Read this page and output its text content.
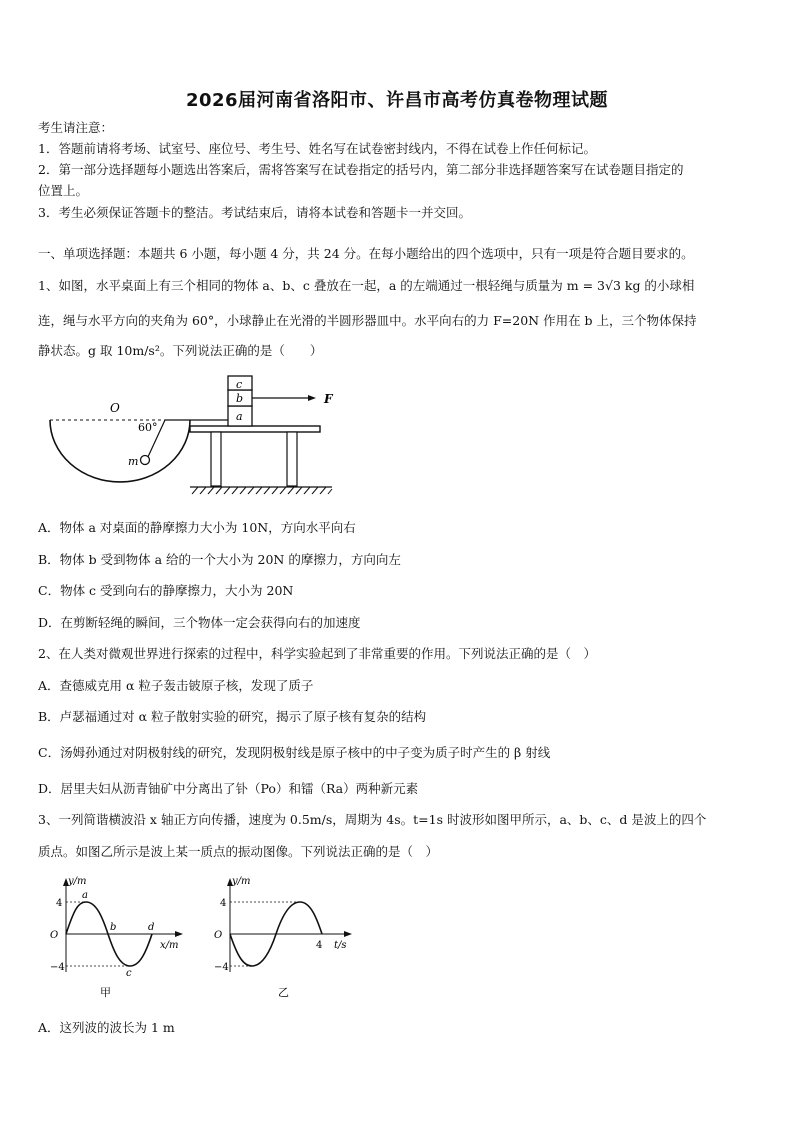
2026届河南省洛阳市、许昌市高考仿真卷物理试题
考生请注意：
1．答题前请将考场、试室号、座位号、考生号、姓名写在试卷密封线内，不得在试卷上作任何标记。
2．第一部分选择题每小题选出答案后，需将答案写在试卷指定的括号内，第二部分非选择题答案写在试卷题目指定的
位置上。
3．考生必须保证答题卡的整洁。考试结束后，请将本试卷和答题卡一并交回。
一、单项选择题：本题共 6 小题，每小题 4 分，共 24 分。在每小题给出的四个选项中，只有一项是符合题目要求的。
1、如图，水平桌面上有三个相同的物体 a、b、c 叠放在一起，a 的左端通过一根轻绳与质量为 m = 3√3 kg 的小球相
连，绳与水平方向的夹角为 60°，小球静止在光滑的半圆形器皿中。水平向右的力 F=20N 作用在 b 上，三个物体保持
静状态。g 取 10m/s²。下列说法正确的是（　　）
O
60°
m
c
b
a
F
A．物体 a 对桌面的静摩擦力大小为 10N，方向水平向右
B．物体 b 受到物体 a 给的一个大小为 20N 的摩擦力，方向向左
C．物体 c 受到向右的静摩擦力，大小为 20N
D．在剪断轻绳的瞬间，三个物体一定会获得向右的加速度
2、在人类对微观世界进行探索的过程中，科学实验起到了非常重要的作用。下列说法正确的是（　）
A．查德威克用 α 粒子轰击铍原子核，发现了质子
B．卢瑟福通过对 α 粒子散射实验的研究，揭示了原子核有复杂的结构
C．汤姆孙通过对阴极射线的研究，发现阴极射线是原子核中的中子变为质子时产生的 β 射线
D．居里夫妇从沥青铀矿中分离出了钋（Po）和镭（Ra）两种新元素
3、一列简谐横波沿 x 轴正方向传播，速度为 0.5m/s，周期为 4s。t=1s 时波形如图甲所示，a、b、c、d 是波上的四个
质点。如图乙所示是波上某一质点的振动图像。下列说法正确的是（　）
y/m
4
−4
O
x/m
a
b
c
d
甲
y/m
4
−4
O
4 t/s
乙
A．这列波的波长为 1 m
